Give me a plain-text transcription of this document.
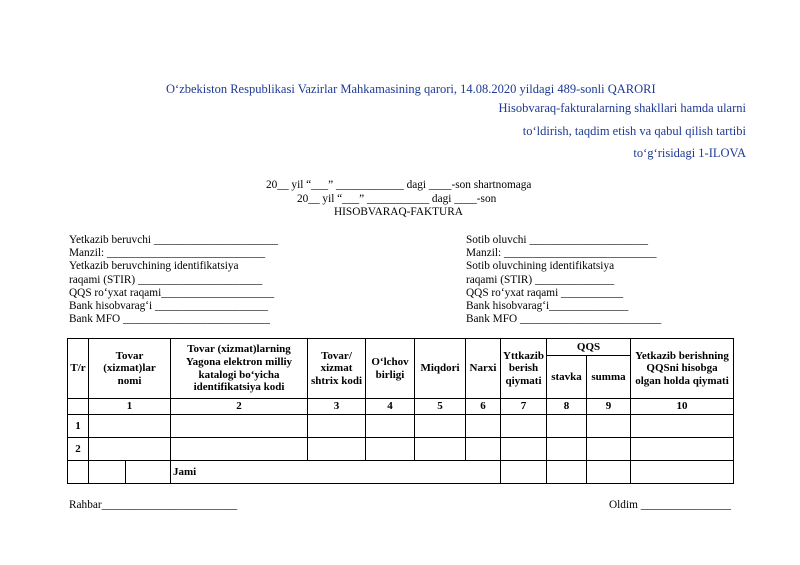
O‘zbekiston Respublikasi Vazirlar Mahkamasining qarori, 14.08.2020 yildagi 489-sonli QARORI
Hisobvaraq-fakturalarning shakllari hamda ularni
to‘ldirish, taqdim etish va qabul qilish tartibi
to‘g‘risidagi 1-ILOVA
20__ yil “___” ____________ dagi ____-son shartnomaga
20__ yil “___” ___________ dagi ____-son
HISOBVARAQ-FAKTURA
Yetkazib beruvchi ______________________
Manzil: ____________________________
Yetkazib beruvchining identifikatsiya
raqami (STIR) ______________________
QQS ro‘yxat raqami____________________
Bank hisobvarag‘i ____________________
Bank MFO __________________________
Sotib oluvchi _____________________
Manzil: ___________________________
Sotib oluvchining identifikatsiya
raqami (STIR) ______________
QQS ro‘yxat raqami ___________
Bank hisobvarag‘i______________
Bank MFO _________________________
T/r	Tovar (xizmat)lar nomi		Tovar (xizmat)larning Yagona elektron milliy katalogi bo‘yicha identifikatsiya kodi	Tovar/ xizmat shtrix kodi	O‘lchov birligi	Miqdori	Narxi	Yttkazib berish qiymati	QQS		Yetkazib berishning QQSni hisobga olgan holda qiymati
									stavka	summa	
	1		2	3	4	5	6	7	8	9	10
1											
2											
			Jami								
Rahbar________________________	Oldim ________________
